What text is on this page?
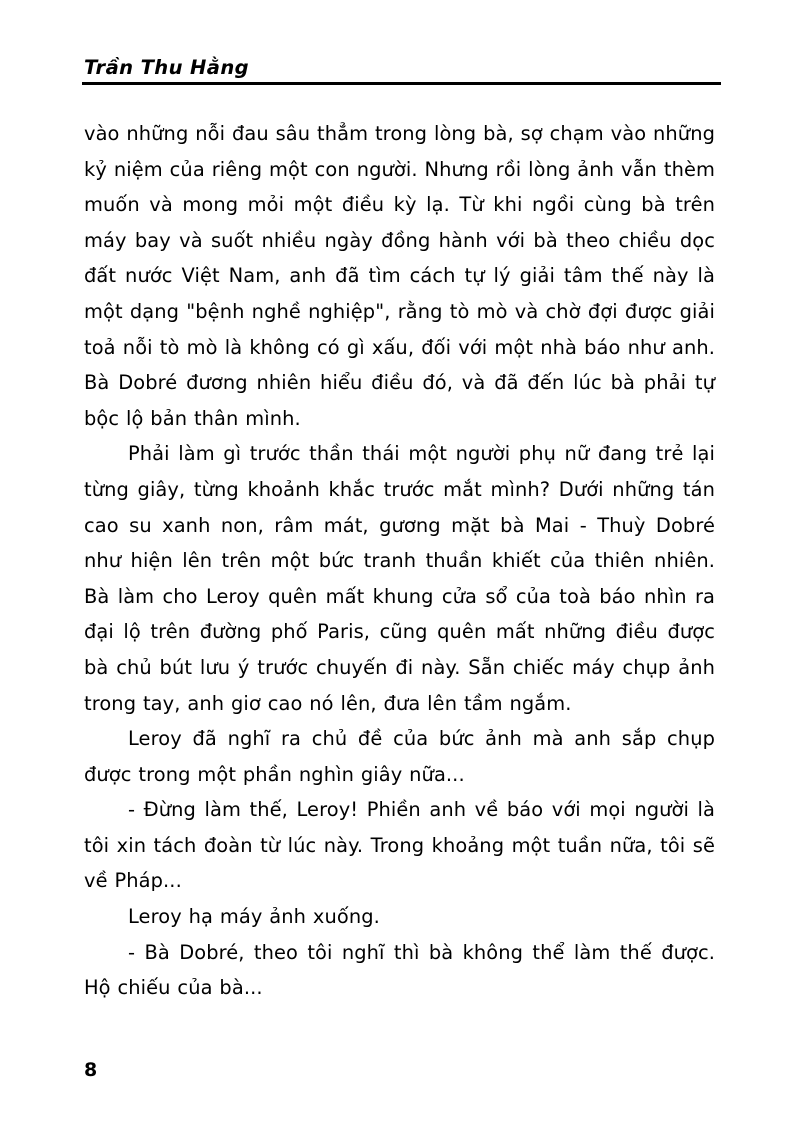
Trần Thu Hằng

vào những nỗi đau sâu thẳm trong lòng bà, sợ chạm vào những kỷ niệm của riêng một con người. Nhưng rồi lòng ảnh vẫn thèm muốn và mong mỏi một điều kỳ lạ. Từ khi ngồi cùng bà trên máy bay và suốt nhiều ngày đồng hành với bà theo chiều dọc đất nước Việt Nam, anh đã tìm cách tự lý giải tâm thế này là một dạng "bệnh nghề nghiệp", rằng tò mò và chờ đợi được giải toả nỗi tò mò là không có gì xấu, đối với một nhà báo như anh. Bà Dobré đương nhiên hiểu điều đó, và đã đến lúc bà phải tự bộc lộ bản thân mình.

Phải làm gì trước thần thái một người phụ nữ đang trẻ lại từng giây, từng khoảnh khắc trước mắt mình? Dưới những tán cao su xanh non, râm mát, gương mặt bà Mai - Thuỳ Dobré như hiện lên trên một bức tranh thuần khiết của thiên nhiên. Bà làm cho Leroy quên mất khung cửa sổ của toà báo nhìn ra đại lộ trên đường phố Paris, cũng quên mất những điều được bà chủ bút lưu ý trước chuyến đi này. Sẵn chiếc máy chụp ảnh trong tay, anh giơ cao nó lên, đưa lên tầm ngắm.

Leroy đã nghĩ ra chủ đề của bức ảnh mà anh sắp chụp được trong một phần nghìn giây nữa...

- Đừng làm thế, Leroy! Phiền anh về báo với mọi người là tôi xin tách đoàn từ lúc này. Trong khoảng một tuần nữa, tôi sẽ về Pháp...

Leroy hạ máy ảnh xuống.

- Bà Dobré, theo tôi nghĩ thì bà không thể làm thế được. Hộ chiếu của bà...

8
